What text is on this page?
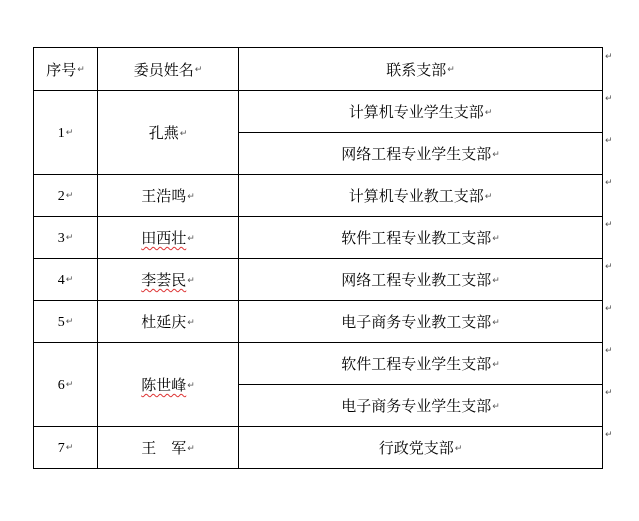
序号↵	委员姓名↵	联系支部↵
1↵	孔燕↵	计算机专业学生支部↵
		网络工程专业学生支部↵
2↵	王浩鸣↵	计算机专业教工支部↵
3↵	田西壮↵	软件工程专业教工支部↵
4↵	李荟民↵	网络工程专业教工支部↵
5↵	杜延庆↵	电子商务专业教工支部↵
6↵	陈世峰↵	软件工程专业学生支部↵
		电子商务专业学生支部↵
7↵	王　军↵	行政党支部↵
↵
↵
↵
↵
↵
↵
↵
↵
↵
↵
